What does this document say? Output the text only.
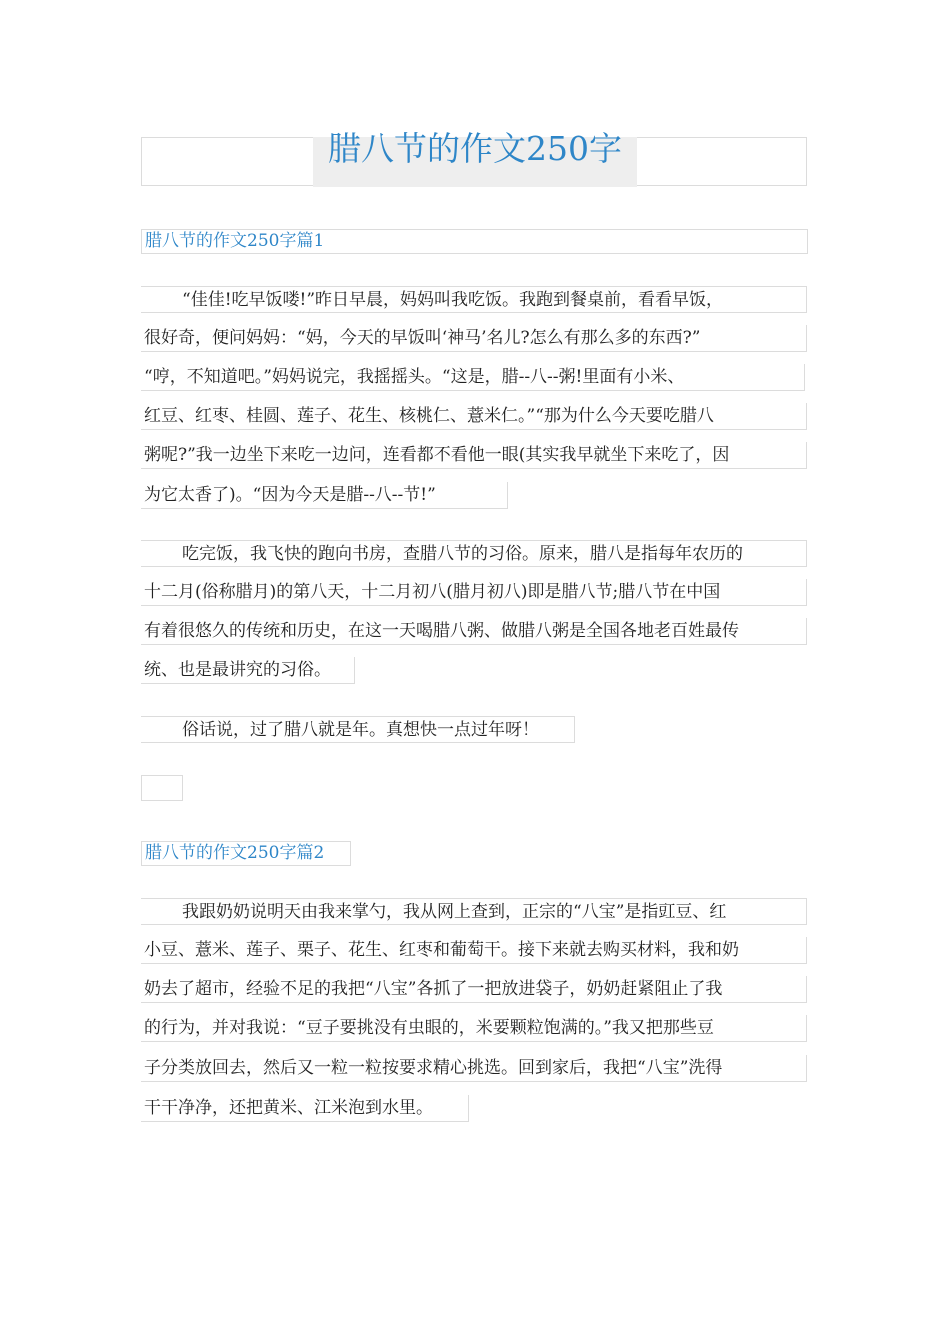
腊八节的作文250字
腊八节的作文250字篇1
“佳佳!吃早饭喽!”昨日早晨，妈妈叫我吃饭。我跑到餐桌前，看看早饭，
很好奇，便问妈妈：“妈，今天的早饭叫‘神马’名儿?怎么有那么多的东西?”
“哼，不知道吧。”妈妈说完，我摇摇头。“这是，腊--八--粥!里面有小米、
红豆、红枣、桂圆、莲子、花生、核桃仁、薏米仁。”“那为什么今天要吃腊八
粥呢?”我一边坐下来吃一边问，连看都不看他一眼(其实我早就坐下来吃了，因
为它太香了)。“因为今天是腊--八--节!”
吃完饭，我飞快的跑向书房，查腊八节的习俗。原来，腊八是指每年农历的
十二月(俗称腊月)的第八天，十二月初八(腊月初八)即是腊八节;腊八节在中国
有着很悠久的传统和历史，在这一天喝腊八粥、做腊八粥是全国各地老百姓最传
统、也是最讲究的习俗。
俗话说，过了腊八就是年。真想快一点过年呀！
腊八节的作文250字篇2
我跟奶奶说明天由我来掌勺，我从网上查到，正宗的“八宝”是指豇豆、红
小豆、薏米、莲子、栗子、花生、红枣和葡萄干。接下来就去购买材料，我和奶
奶去了超市，经验不足的我把“八宝”各抓了一把放进袋子，奶奶赶紧阻止了我
的行为，并对我说：“豆子要挑没有虫眼的，米要颗粒饱满的。”我又把那些豆
子分类放回去，然后又一粒一粒按要求精心挑选。回到家后，我把“八宝”洗得
干干净净，还把黄米、江米泡到水里。
